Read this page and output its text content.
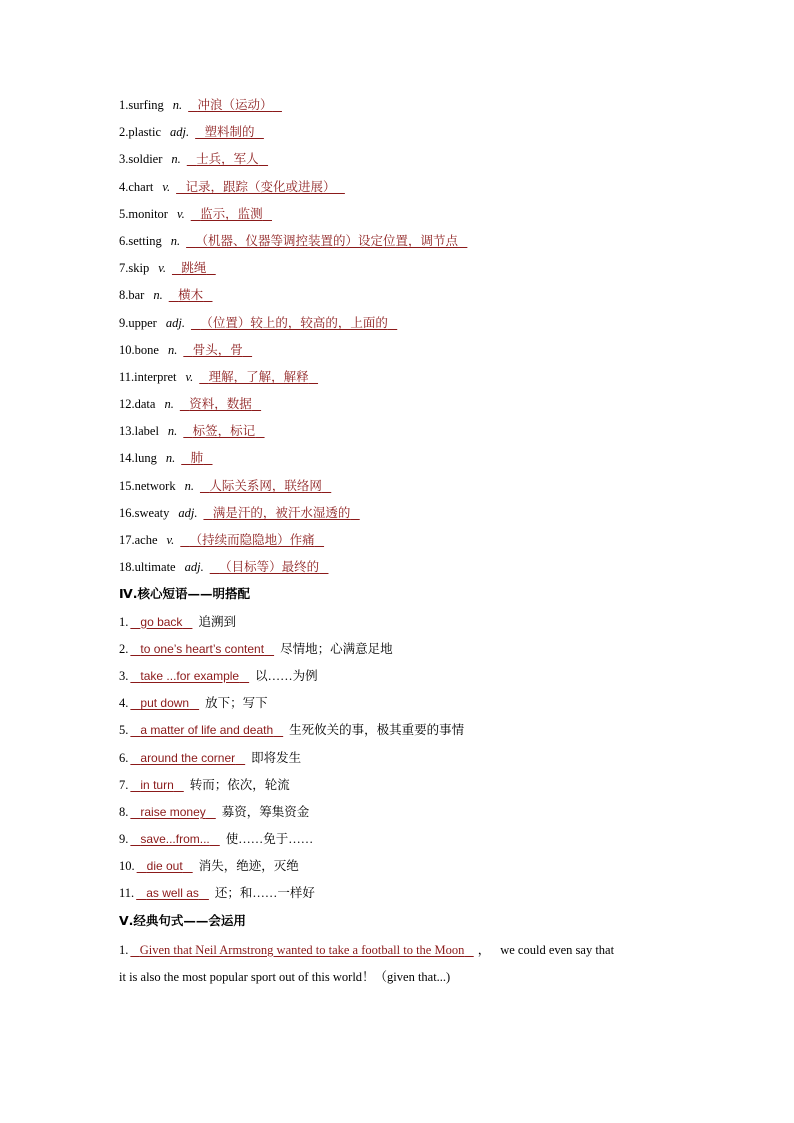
1.surfing n. 冲浪（运动）
2.plastic adj. 塑料制的
3.soldier n. 士兵，军人
4.chart v. 记录，跟踪（变化或进展）
5.monitor v. 监示，监测
6.setting n. （机器、仪器等调控装置的）设定位置，调节点
7.skip v. 跳绳
8.bar n. 横木
9.upper adj. （位置）较上的，较高的，上面的
10.bone n. 骨头，骨
11.interpret v. 理解，了解，解释
12.data n. 资料，数据
13.label n. 标签，标记
14.lung n. 肺
15.network n. 人际关系网，联络网
16.sweaty adj. 满是汗的，被汗水湿透的
17.ache v. （持续而隐隐地）作痛
18.ultimate adj. （目标等）最终的
Ⅳ.核心短语——明搭配
1. go back 追溯到
2. to one’s heart’s content 尽情地；心满意足地
3. take ...for example 以……为例
4. put down 放下；写下
5. a matter of life and death 生死攸关的事，极其重要的事情
6. around the corner 即将发生
7. in turn 转而；依次，轮流
8. raise money 募资，筹集资金
9. save...from... 使……免于……
10. die out 消失，绝迹，灭绝
11. as well as 还；和……一样好
Ⅴ.经典句式——会运用
1. Given that Neil Armstrong wanted to take a football to the Moon ， we could even say that
it is also the most popular sport out of this world！（given that...)
